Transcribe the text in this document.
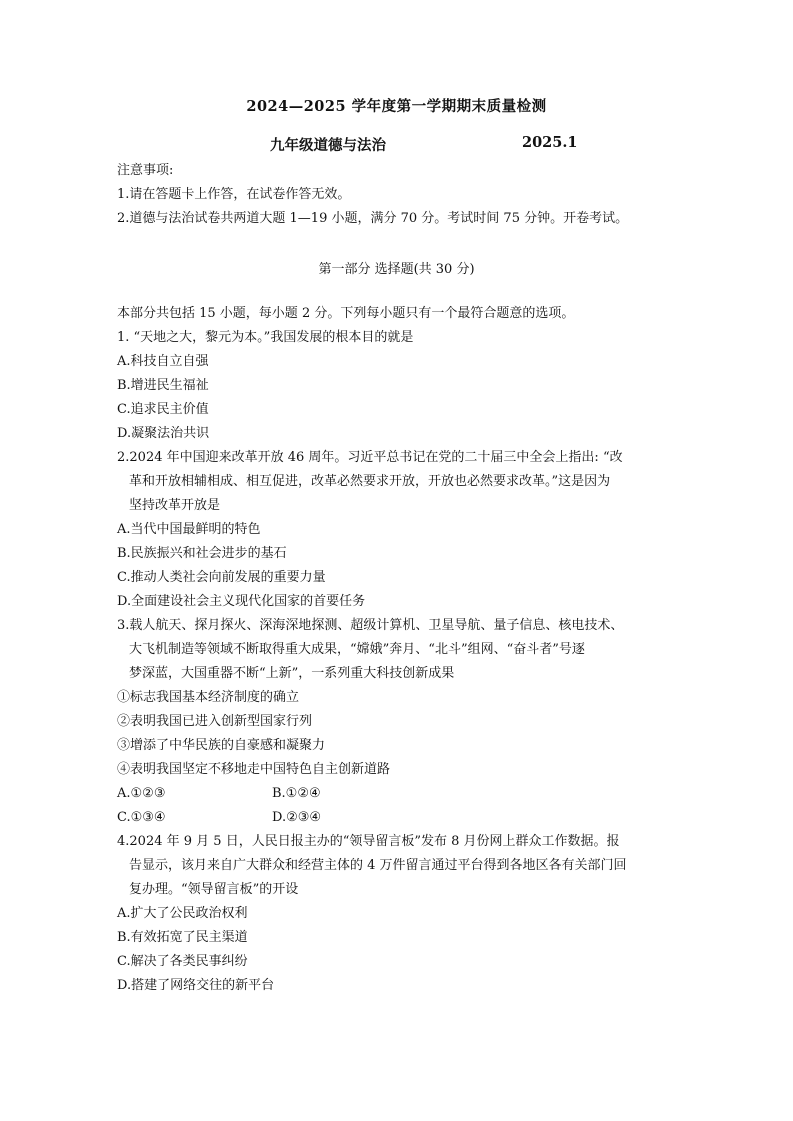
2024—2025 学年度第一学期期末质量检测
九年级道德与法治	2025.1
注意事项:
1.请在答题卡上作答，在试卷作答无效。
2.道德与法治试卷共两道大题 1—19 小题，满分 70 分。考试时间 75 分钟。开卷考试。
第一部分 选择题(共 30 分)
本部分共包括 15 小题，每小题 2 分。下列每小题只有一个最符合题意的选项。
1. “天地之大，黎元为本。”我国发展的根本目的就是
A.科技自立自强
B.增进民生福祉
C.追求民主价值
D.凝聚法治共识
2.2024 年中国迎来改革开放 46 周年。习近平总书记在党的二十届三中全会上指出: “改
革和开放相辅相成、相互促进，改革必然要求开放，开放也必然要求改革。”这是因为
坚持改革开放是
A.当代中国最鲜明的特色
B.民族振兴和社会进步的基石
C.推动人类社会向前发展的重要力量
D.全面建设社会主义现代化国家的首要任务
3.载人航天、探月探火、深海深地探测、超级计算机、卫星导航、量子信息、核电技术、
大飞机制造等领域不断取得重大成果，“嫦娥”奔月、“北斗”组网、“奋斗者”号逐
梦深蓝，大国重器不断“上新”，一系列重大科技创新成果
①标志我国基本经济制度的确立
②表明我国已进入创新型国家行列
③增添了中华民族的自豪感和凝聚力
④表明我国坚定不移地走中国特色自主创新道路
A.①②③	B.①②④
C.①③④	D.②③④
4.2024 年 9 月 5 日，人民日报主办的“领导留言板”发布 8 月份网上群众工作数据。报
告显示，该月来自广大群众和经营主体的 4 万件留言通过平台得到各地区各有关部门回
复办理。“领导留言板”的开设
A.扩大了公民政治权利
B.有效拓宽了民主渠道
C.解决了各类民事纠纷
D.搭建了网络交往的新平台
